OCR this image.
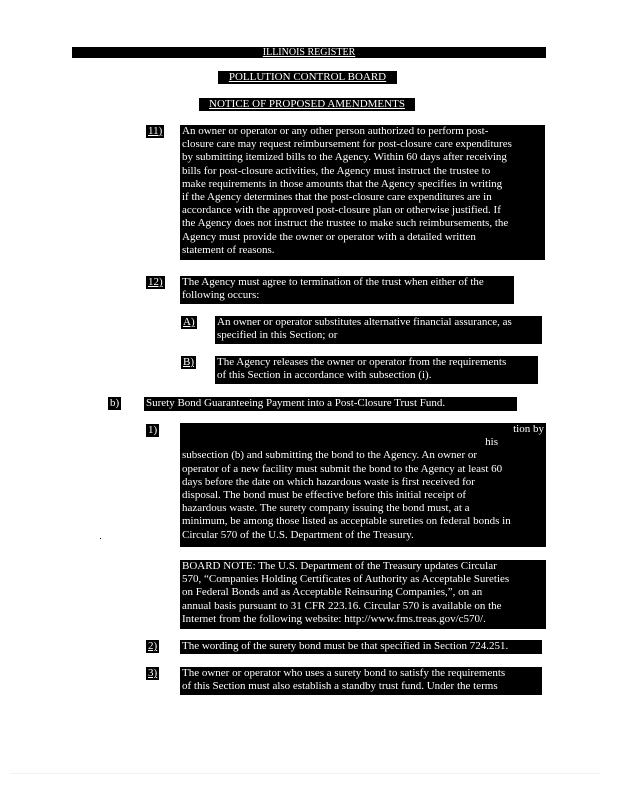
ILLINOIS REGISTER
POLLUTION CONTROL BOARD
NOTICE OF PROPOSED AMENDMENTS
11) An owner or operator or any other person authorized to perform post-
closure care may request reimbursement for post-closure care expenditures
by submitting itemized bills to the Agency. Within 60 days after receiving
bills for post-closure activities, the Agency must instruct the trustee to
make requirements in those amounts that the Agency specifies in writing
if the Agency determines that the post-closure care expenditures are in
accordance with the approved post-closure plan or otherwise justified. If
the Agency does not instruct the trustee to make such reimbursements, the
Agency must provide the owner or operator with a detailed written
statement of reasons.
12) The Agency must agree to termination of the trust when either of the
following occurs:
A) An owner or operator substitutes alternative financial assurance, as
specified in this Section; or
B) The Agency releases the owner or operator from the requirements
of this Section in accordance with subsection (i).
b) Surety Bond Guaranteeing Payment into a Post-Closure Trust Fund.
1)	tion by
his
subsection (b) and submitting the bond to the Agency. An owner or
operator of a new facility must submit the bond to the Agency at least 60
days before the date on which hazardous waste is first received for
disposal. The bond must be effective before this initial receipt of
hazardous waste. The surety company issuing the bond must, at a
minimum, be among those listed as acceptable sureties on federal bonds in
Circular 570 of the U.S. Department of the Treasury.
BOARD NOTE: The U.S. Department of the Treasury updates Circular
570, “Companies Holding Certificates of Authority as Acceptable Sureties
on Federal Bonds and as Acceptable Reinsuring Companies,”, on an
annual basis pursuant to 31 CFR 223.16. Circular 570 is available on the
Internet from the following website: http://www.fms.treas.gov/c570/.
2) The wording of the surety bond must be that specified in Section 724.251.
3) The owner or operator who uses a surety bond to satisfy the requirements
of this Section must also establish a standby trust fund. Under the terms
